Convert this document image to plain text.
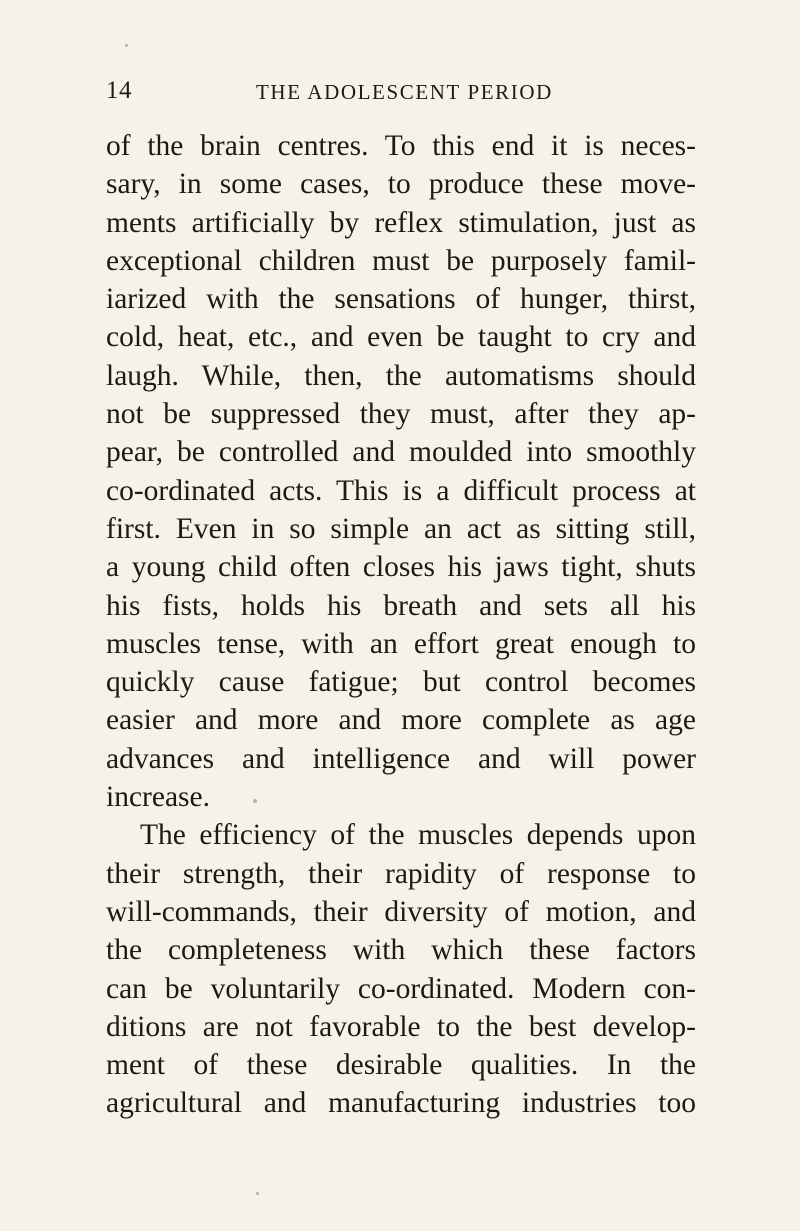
14	THE ADOLESCENT PERIOD
of the brain centres. To this end it is neces-
sary, in some cases, to produce these move-
ments artificially by reflex stimulation, just as
exceptional children must be purposely famil-
iarized with the sensations of hunger, thirst,
cold, heat, etc., and even be taught to cry and
laugh. While, then, the automatisms should
not be suppressed they must, after they ap-
pear, be controlled and moulded into smoothly
co-ordinated acts. This is a difficult process at
first. Even in so simple an act as sitting still,
a young child often closes his jaws tight, shuts
his fists, holds his breath and sets all his
muscles tense, with an effort great enough to
quickly cause fatigue; but control becomes
easier and more and more complete as age
advances and intelligence and will power
increase.
The efficiency of the muscles depends upon
their strength, their rapidity of response to
will-commands, their diversity of motion, and
the completeness with which these factors
can be voluntarily co-ordinated. Modern con-
ditions are not favorable to the best develop-
ment of these desirable qualities. In the
agricultural and manufacturing industries too
